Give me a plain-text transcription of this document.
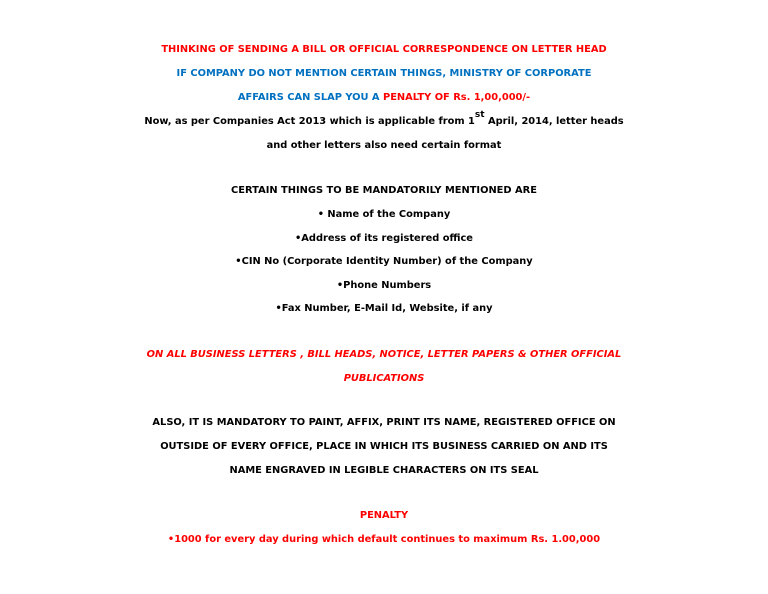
THINKING OF SENDING A BILL OR OFFICIAL CORRESPONDENCE ON LETTER HEAD
IF COMPANY DO NOT MENTION CERTAIN THINGS, MINISTRY OF CORPORATE
AFFAIRS CAN SLAP YOU A PENALTY OF Rs. 1,00,000/-
Now, as per Companies Act 2013 which is applicable from 1st April, 2014, letter heads
and other letters also need certain format
CERTAIN THINGS TO BE MANDATORILY MENTIONED ARE
• Name of the Company
•Address of its registered office
•CIN No (Corporate Identity Number) of the Company
•Phone Numbers
•Fax Number, E-Mail Id, Website, if any
ON ALL BUSINESS LETTERS , BILL HEADS, NOTICE, LETTER PAPERS & OTHER OFFICIAL
PUBLICATIONS
ALSO, IT IS MANDATORY TO PAINT, AFFIX, PRINT ITS NAME, REGISTERED OFFICE ON
OUTSIDE OF EVERY OFFICE, PLACE IN WHICH ITS BUSINESS CARRIED ON AND ITS
NAME ENGRAVED IN LEGIBLE CHARACTERS ON ITS SEAL
PENALTY
•1000 for every day during which default continues to maximum Rs. 1.00,000
